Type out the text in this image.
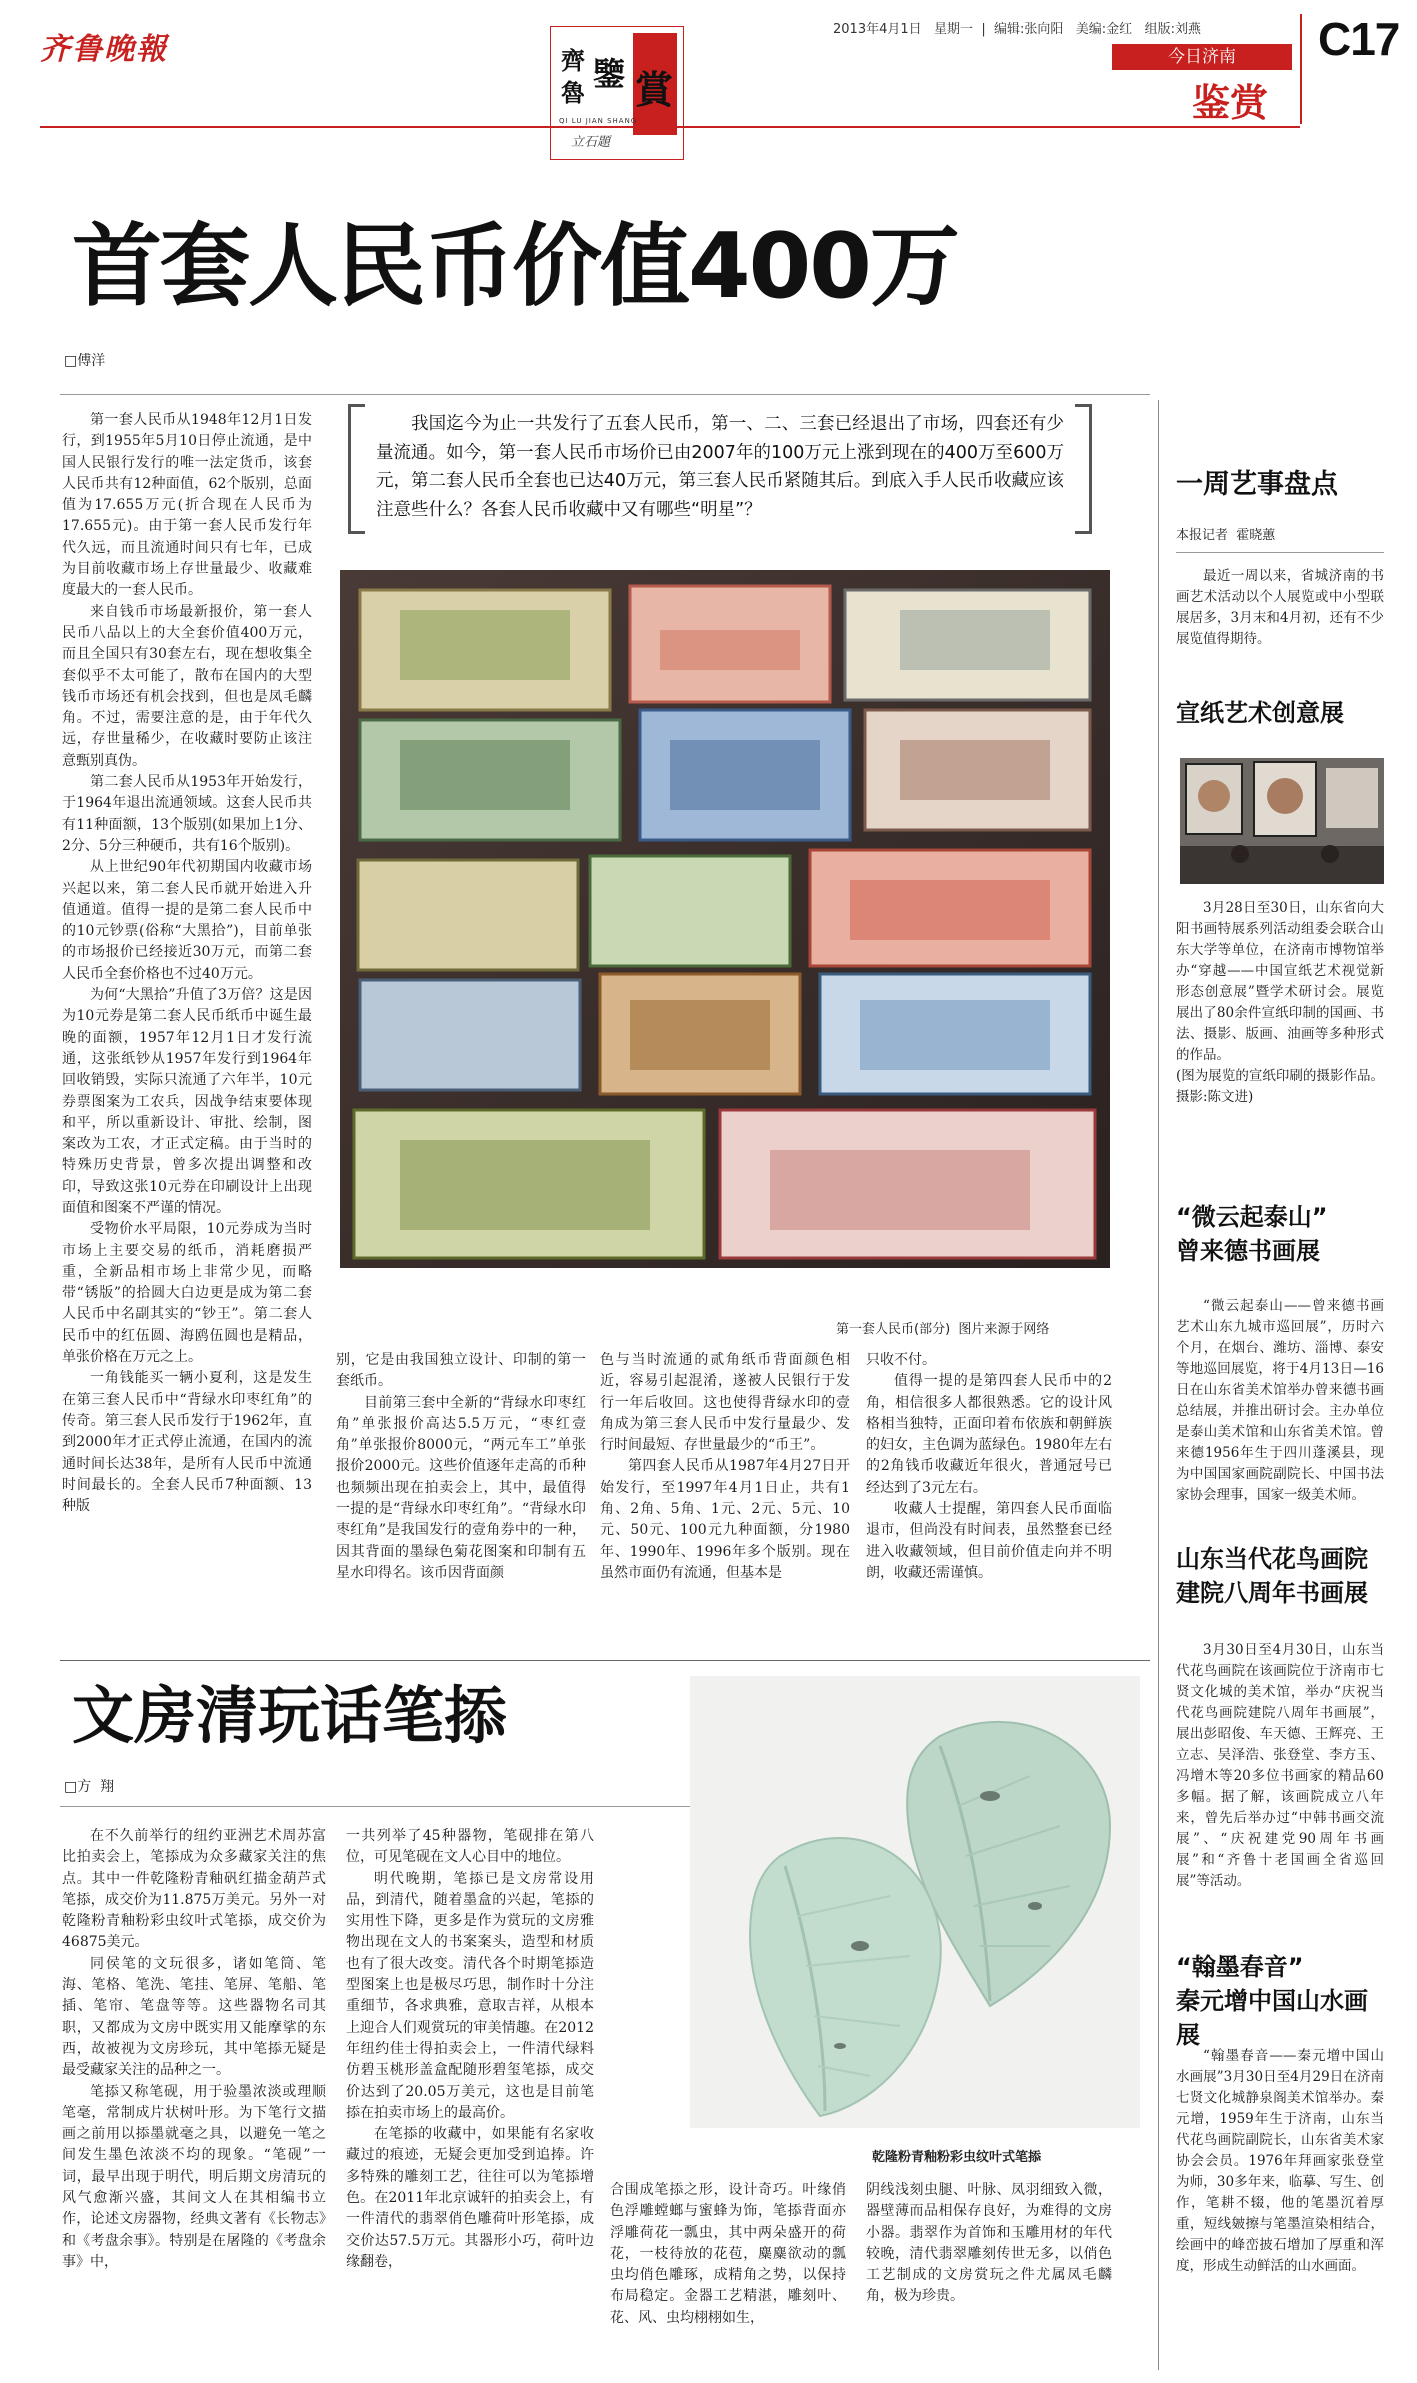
齐鲁晚報	齊
魯 鑒 賞
QI LU JIAN SHANG
立石題
2013年4月1日 星期一 | 编辑:张向阳 美编:金红 组版:刘燕	C17
今日济南
鉴赏
首套人民币价值400万
□傅洋

第一套人民币从1948年12月1日发行，到1955年5月10日停止流通，是中国人民银行发行的唯一法定货币，该套人民币共有12种面值，62个版别，总面值为17.655万元(折合现在人民币为17.655元)。由于第一套人民币发行年代久远，而且流通时间只有七年，已成为目前收藏市场上存世量最少、收藏难度最大的一套人民币。

来自钱币市场最新报价，第一套人民币八品以上的大全套价值400万元，而且全国只有30套左右，现在想收集全套似乎不太可能了，散布在国内的大型钱币市场还有机会找到，但也是凤毛麟角。不过，需要注意的是，由于年代久远，存世量稀少，在收藏时要防止该注意甄别真伪。

第二套人民币从1953年开始发行，于1964年退出流通领域。这套人民币共有11种面额，13个版别(如果加上1分、2分、5分三种硬币，共有16个版别)。

从上世纪90年代初期国内收藏市场兴起以来，第二套人民币就开始进入升值通道。值得一提的是第二套人民币中的10元钞票(俗称“大黑拾”)，目前单张的市场报价已经接近30万元，而第二套人民币全套价格也不过40万元。

为何“大黑拾”升值了3万倍？这是因为10元券是第二套人民币纸币中诞生最晚的面额，1957年12月1日才发行流通，这张纸钞从1957年发行到1964年回收销毁，实际只流通了六年半，10元券票图案为工农兵，因战争结束要体现和平，所以重新设计、审批、绘制，图案改为工农，才正式定稿。由于当时的特殊历史背景，曾多次提出调整和改印，导致这张10元券在印刷设计上出现面值和图案不严谨的情况。

受物价水平局限，10元券成为当时市场上主要交易的纸币，消耗磨损严重，全新品相市场上非常少见，而略带“锈版”的拾圆大白边更是成为第二套人民币中名副其实的“钞王”。第二套人民币中的红伍圆、海鸥伍圆也是精品，单张价格在万元之上。

一角钱能买一辆小夏利，这是发生在第三套人民币中“背绿水印枣红角”的传奇。第三套人民币发行于1962年，直到2000年才正式停止流通，在国内的流通时间长达38年，是所有人民币中流通时间最长的。全套人民币7种面额、13种版

我国迄今为止一共发行了五套人民币，第一、二、三套已经退出了市场，四套还有少量流通。如今，第一套人民币市场价已由2007年的100万元上涨到现在的400万至600万元，第二套人民币全套也已达40万元，第三套人民币紧随其后。到底入手人民币收藏应该注意些什么？各套人民币收藏中又有哪些“明星”？
第一套人民币(部分)  图片来源于网络

别，它是由我国独立设计、印制的第一套纸币。

目前第三套中全新的“背绿水印枣红角”单张报价高达5.5万元，“枣红壹角”单张报价8000元，“两元车工”单张报价2000元。这些价值逐年走高的币种也频频出现在拍卖会上，其中，最值得一提的是“背绿水印枣红角”。“背绿水印枣红角”是我国发行的壹角券中的一种，因其背面的墨绿色菊花图案和印制有五星水印得名。该币因背面颜

色与当时流通的贰角纸币背面颜色相近，容易引起混淆，遂被人民银行于发行一年后收回。这也使得背绿水印的壹角成为第三套人民币中发行量最少、发行时间最短、存世量最少的“币王”。

第四套人民币从1987年4月27日开始发行，至1997年4月1日止，共有1角、2角、5角、1元、2元、5元、10元、50元、100元九种面额，分1980年、1990年、1996年多个版别。现在虽然市面仍有流通，但基本是

只收不付。

值得一提的是第四套人民币中的2角，相信很多人都很熟悉。它的设计风格相当独特，正面印着布依族和朝鲜族的妇女，主色调为蓝绿色。1980年左右的2角钱币收藏近年很火，普通冠号已经达到了3元左右。

收藏人士提醒，第四套人民币面临退市，但尚没有时间表，虽然整套已经进入收藏领域，但目前价值走向并不明朗，收藏还需谨慎。

文房清玩话笔掭
□方  翔
乾隆粉青釉粉彩虫纹叶式笔掭

在不久前举行的纽约亚洲艺术周苏富比拍卖会上，笔掭成为众多藏家关注的焦点。其中一件乾隆粉青釉矾红描金葫芦式笔掭，成交价为11.875万美元。另外一对乾隆粉青釉粉彩虫纹叶式笔掭，成交价为46875美元。

同侯笔的文玩很多，诸如笔筒、笔海、笔格、笔洗、笔挂、笔屏、笔船、笔插、笔帘、笔盘等等。这些器物名司其职，又都成为文房中既实用又能摩挲的东西，故被视为文房珍玩，其中笔掭无疑是最受藏家关注的品种之一。

笔掭又称笔砚，用于验墨浓淡或理顺笔毫，常制成片状树叶形。为下笔行文描画之前用以掭墨就毫之具，以避免一笔之间发生墨色浓淡不均的现象。“笔砚”一词，最早出现于明代，明后期文房清玩的风气愈渐兴盛，其间文人在其相编书立作，论述文房器物，经典文著有《长物志》和《考盘余事》。特别是在屠隆的《考盘余事》中，

一共列举了45种器物，笔砚排在第八位，可见笔砚在文人心目中的地位。

明代晚期，笔掭已是文房常设用品，到清代，随着墨盒的兴起，笔掭的实用性下降，更多是作为赏玩的文房雅物出现在文人的书案案头，造型和材质也有了很大改变。清代各个时期笔掭造型图案上也是极尽巧思，制作时十分注重细节，各求典雅，意取吉祥，从根本上迎合人们观赏玩的审美情趣。在2012年纽约佳士得拍卖会上，一件清代绿料仿碧玉桃形盖盒配随形碧玺笔掭，成交价达到了20.05万美元，这也是目前笔掭在拍卖市场上的最高价。

在笔掭的收藏中，如果能有名家收藏过的痕迹，无疑会更加受到追捧。许多特殊的雕刻工艺，往往可以为笔掭增色。在2011年北京诚轩的拍卖会上，有一件清代的翡翠俏色雕荷叶形笔掭，成交价达57.5万元。其器形小巧，荷叶边缘翻卷，

合围成笔掭之形，设计奇巧。叶缘俏色浮雕螳螂与蜜蜂为饰，笔掭背面亦浮雕荷花一瓢虫，其中两朵盛开的荷花，一枝待放的花苞，麋麋欲动的瓢虫均俏色雕琢，成精角之势，以保持布局稳定。金器工艺精湛，雕刻叶、花、风、虫均栩栩如生，

阴线浅刻虫腿、叶脉、凤羽细致入微，器壁薄而品相保存良好，为难得的文房小器。翡翠作为首饰和玉雕用材的年代较晚，清代翡翠雕刻传世无多，以俏色工艺制成的文房赏玩之件尤属凤毛麟角，极为珍贵。

一周艺事盘点
本报记者  霍晓蕙

最近一周以来，省城济南的书画艺术活动以个人展览或中小型联展居多，3月末和4月初，还有不少展览值得期待。

宣纸艺术创意展

3月28日至30日，山东省向大阳书画特展系列活动组委会联合山东大学等单位，在济南市博物馆举办“穿越——中国宣纸艺术视觉新形态创意展”暨学术研讨会。展览展出了80余件宣纸印制的国画、书法、摄影、版画、油画等多种形式的作品。

(图为展览的宣纸印刷的摄影作品。摄影:陈文进)

“微云起泰山”
曾来德书画展

“微云起泰山——曾来德书画艺术山东九城市巡回展”，历时六个月，在烟台、潍坊、淄博、泰安等地巡回展览，将于4月13日—16日在山东省美术馆举办曾来德书画总结展，并推出研讨会。主办单位是泰山美术馆和山东省美术馆。曾来德1956年生于四川蓬溪县，现为中国国家画院副院长、中国书法家协会理事，国家一级美术师。

山东当代花鸟画院
建院八周年书画展

3月30日至4月30日，山东当代花鸟画院在该画院位于济南市七贤文化城的美术馆，举办“庆祝当代花鸟画院建院八周年书画展”，展出彭昭俊、车天德、王辉亮、王立志、吴泽浩、张登堂、李方玉、冯增木等20多位书画家的精品60多幅。据了解，该画院成立八年来，曾先后举办过“中韩书画交流展”、“庆祝建党90周年书画展”和“齐鲁十老国画全省巡回展”等活动。

“翰墨春音”
秦元增中国山水画展

“翰墨春音——秦元增中国山水画展”3月30日至4月29日在济南七贤文化城静泉阁美术馆举办。秦元增，1959年生于济南，山东当代花鸟画院副院长，山东省美术家协会会员。1976年拜画家张登堂为师，30多年来，临摹、写生、创作，笔耕不辍，他的笔墨沉着厚重，短线皴擦与笔墨渲染相结合，绘画中的峰峦披石增加了厚重和浑度，形成生动鲜活的山水画面。
